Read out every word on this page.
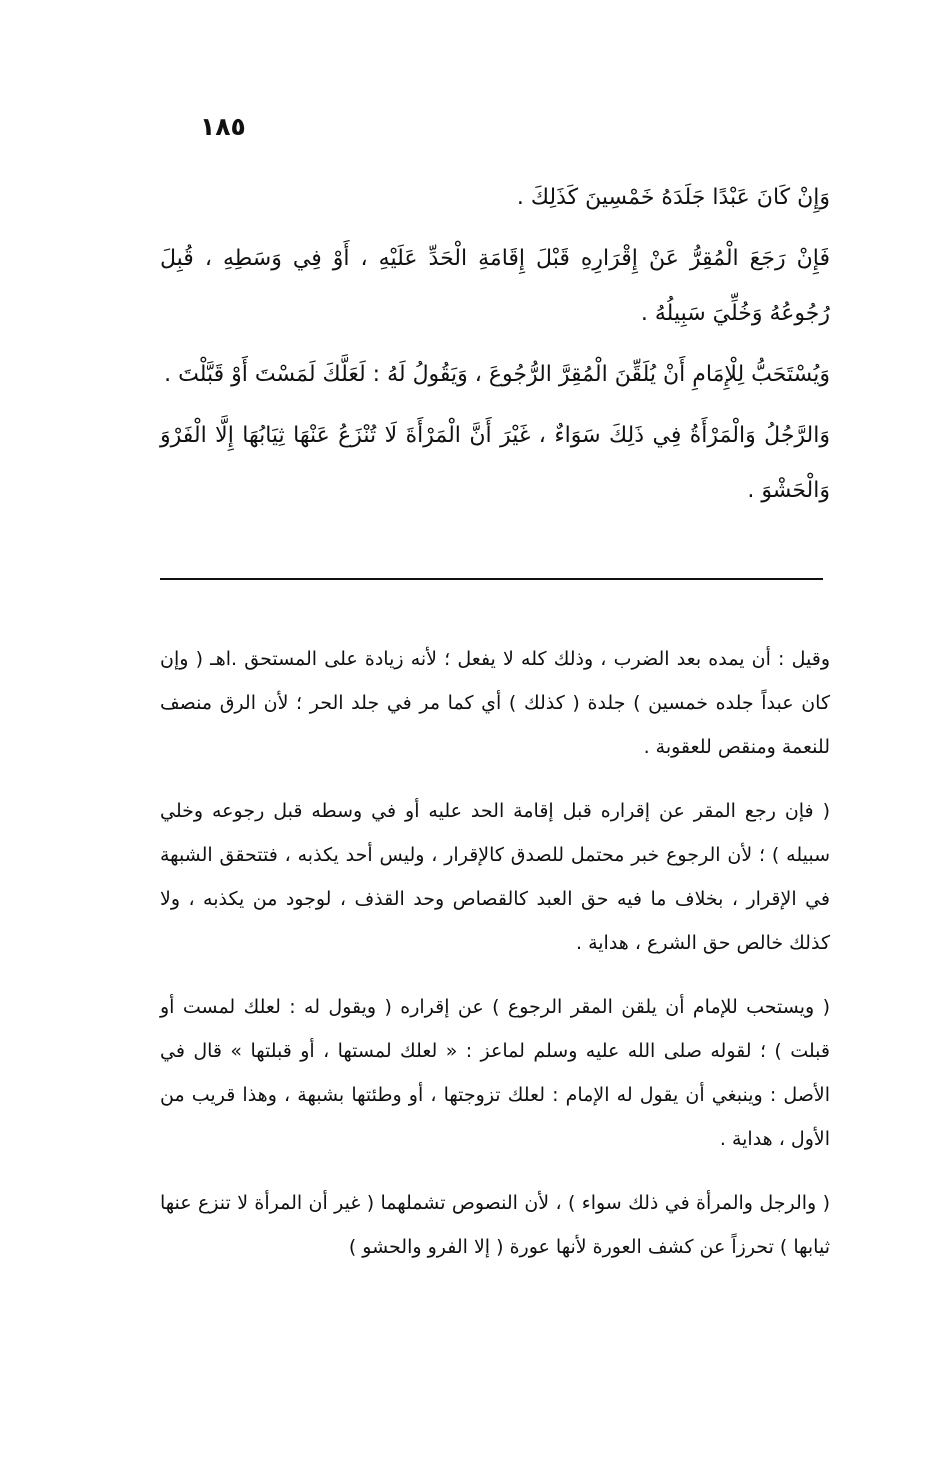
١٨٥

وَإِنْ كَانَ عَبْدًا جَلَدَهُ خَمْسِينَ كَذَلِكَ .

فَإِنْ رَجَعَ الْمُقِرُّ عَنْ إِقْرَارِهِ قَبْلَ إِقَامَةِ الْحَدِّ عَلَيْهِ ، أَوْ فِي وَسَطِهِ ، قُبِلَ رُجُوعُهُ وَخُلِّيَ سَبِيلُهُ .

وَيُسْتَحَبُّ لِلْإِمَامِ أَنْ يُلَقِّنَ الْمُقِرَّ الرُّجُوعَ ، وَيَقُولُ لَهُ : لَعَلَّكَ لَمَسْتَ أَوْ قَبَّلْتَ .

وَالرَّجُلُ وَالْمَرْأَةُ فِي ذَلِكَ سَوَاءٌ ، غَيْرَ أَنَّ الْمَرْأَةَ لَا تُنْزَعُ عَنْهَا ثِيَابُهَا إِلَّا الْفَرْوَ وَالْحَشْوَ .

وقيل : أن يمده بعد الضرب ، وذلك كله لا يفعل ؛ لأنه زيادة على المستحق .اهـ ( وإن كان عبداً جلده خمسين ) جلدة ( كذلك ) أي كما مر في جلد الحر ؛ لأن الرق منصف للنعمة ومنقص للعقوبة .

( فإن رجع المقر عن إقراره قبل إقامة الحد عليه أو في وسطه قبل رجوعه وخلي سبيله ) ؛ لأن الرجوع خبر محتمل للصدق كالإقرار ، وليس أحد يكذبه ، فتتحقق الشبهة في الإقرار ، بخلاف ما فيه حق العبد كالقصاص وحد القذف ، لوجود من يكذبه ، ولا كذلك خالص حق الشرع ، هداية .

( ويستحب للإمام أن يلقن المقر الرجوع ) عن إقراره ( ويقول له : لعلك لمست أو قبلت ) ؛ لقوله صلى الله عليه وسلم لماعز : « لعلك لمستها ، أو قبلتها » قال في الأصل : وينبغي أن يقول له الإمام : لعلك تزوجتها ، أو وطئتها بشبهة ، وهذا قريب من الأول ، هداية .

( والرجل والمرأة في ذلك سواء ) ، لأن النصوص تشملهما ( غير أن المرأة لا تنزع عنها ثيابها ) تحرزاً عن كشف العورة لأنها عورة ( إلا الفرو والحشو )
